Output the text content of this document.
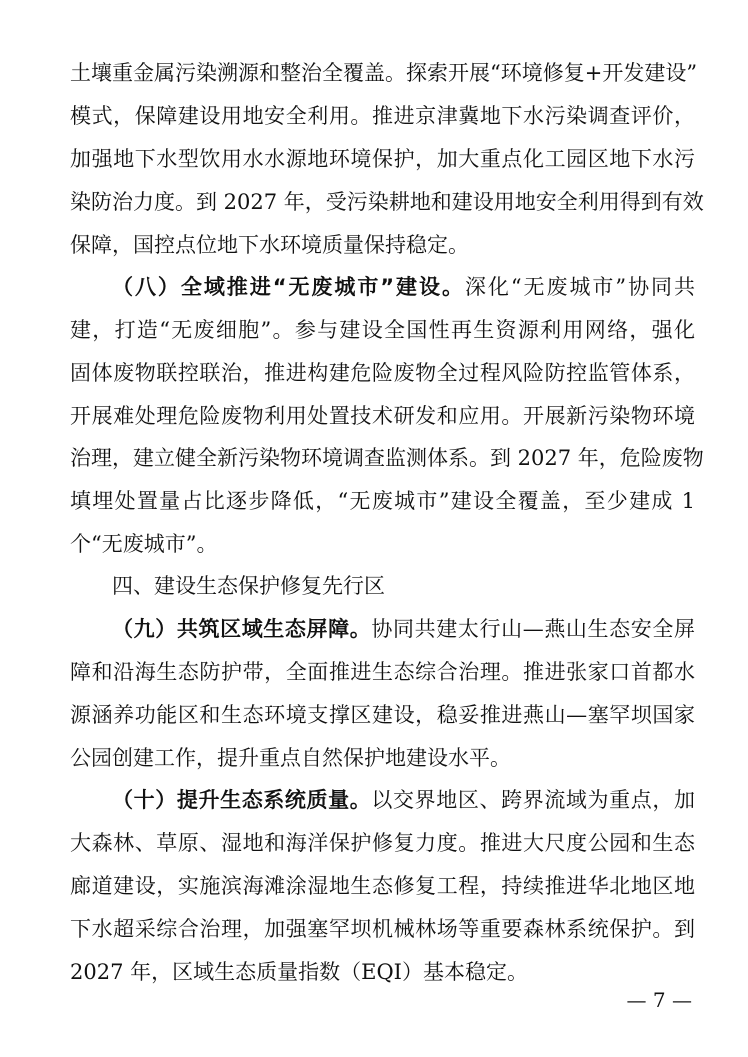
土壤重金属污染溯源和整治全覆盖。探索开展“环境修复+开发建设”
模式，保障建设用地安全利用。推进京津冀地下水污染调查评价，
加强地下水型饮用水水源地环境保护，加大重点化工园区地下水污
染防治力度。到 2027 年，受污染耕地和建设用地安全利用得到有效
保障，国控点位地下水环境质量保持稳定。
（八）全域推进“无废城市”建设。深化“无废城市”协同共
建，打造“无废细胞”。参与建设全国性再生资源利用网络，强化
固体废物联控联治，推进构建危险废物全过程风险防控监管体系，
开展难处理危险废物利用处置技术研发和应用。开展新污染物环境
治理，建立健全新污染物环境调查监测体系。到 2027 年，危险废物
填埋处置量占比逐步降低，“无废城市”建设全覆盖，至少建成 1
个“无废城市”。
四、建设生态保护修复先行区
（九）共筑区域生态屏障。协同共建太行山—燕山生态安全屏
障和沿海生态防护带，全面推进生态综合治理。推进张家口首都水
源涵养功能区和生态环境支撑区建设，稳妥推进燕山—塞罕坝国家
公园创建工作，提升重点自然保护地建设水平。
（十）提升生态系统质量。以交界地区、跨界流域为重点，加
大森林、草原、湿地和海洋保护修复力度。推进大尺度公园和生态
廊道建设，实施滨海滩涂湿地生态修复工程，持续推进华北地区地
下水超采综合治理，加强塞罕坝机械林场等重要森林系统保护。到
2027 年，区域生态质量指数（EQI）基本稳定。
— 7 —
